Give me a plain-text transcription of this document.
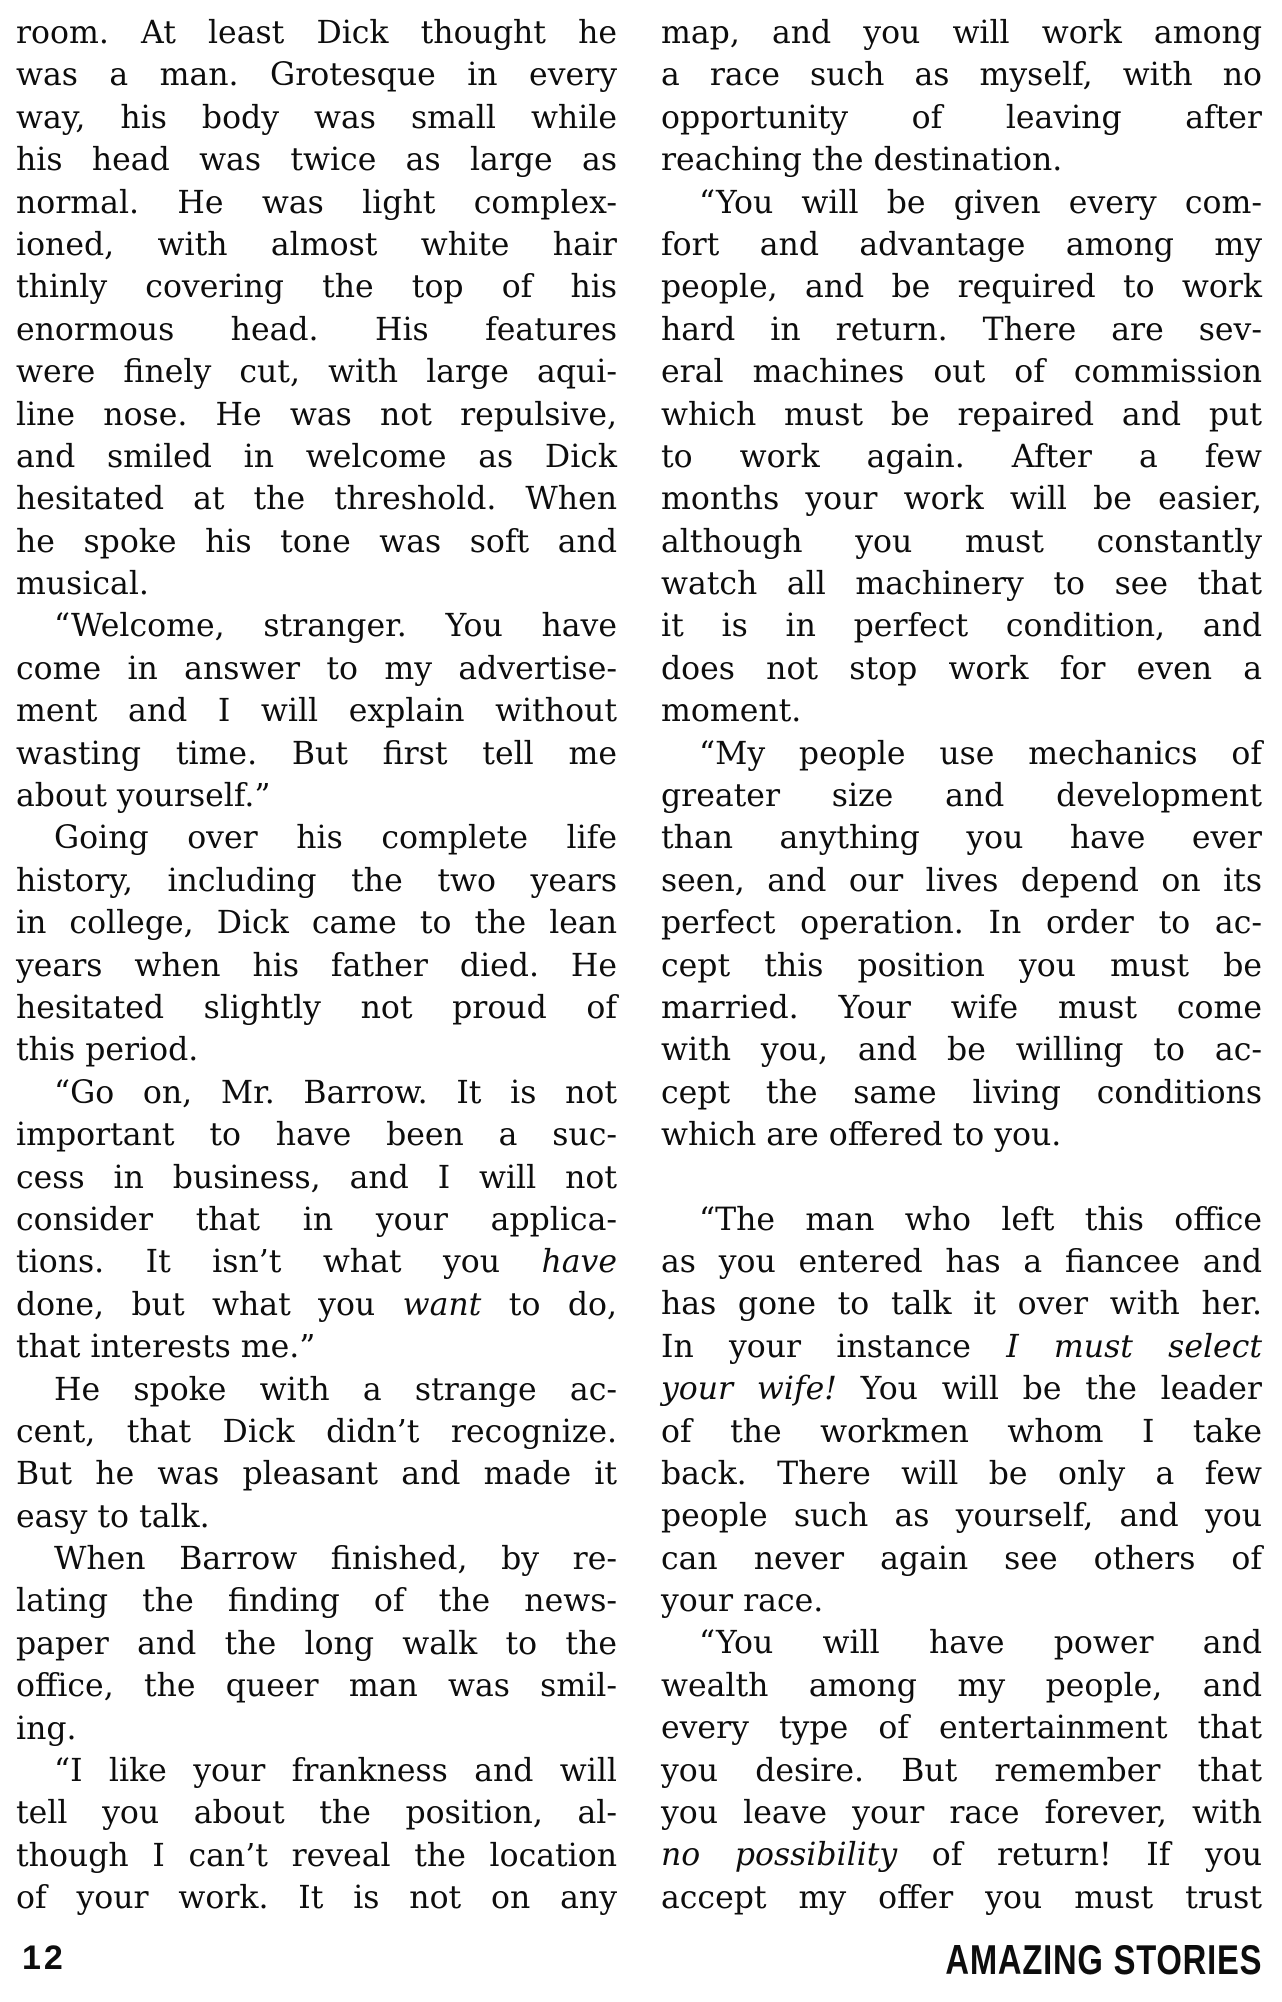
room. At least Dick thought he
was a man. Grotesque in every
way, his body was small while
his head was twice as large as
normal. He was light complex-
ioned, with almost white hair
thinly covering the top of his
enormous head. His features
were finely cut, with large aqui-
line nose. He was not repulsive,
and smiled in welcome as Dick
hesitated at the threshold. When
he spoke his tone was soft and
musical.
“Welcome, stranger. You have
come in answer to my advertise-
ment and I will explain without
wasting time. But first tell me
about yourself.”
Going over his complete life
history, including the two years
in college, Dick came to the lean
years when his father died. He
hesitated slightly not proud of
this period.
“Go on, Mr. Barrow. It is not
important to have been a suc-
cess in business, and I will not
consider that in your applica-
tions. It isn’t what you have
done, but what you want to do,
that interests me.”
He spoke with a strange ac-
cent, that Dick didn’t recognize.
But he was pleasant and made it
easy to talk.
When Barrow finished, by re-
lating the finding of the news-
paper and the long walk to the
office, the queer man was smil-
ing.
“I like your frankness and will
tell you about the position, al-
though I can’t reveal the location
of your work. It is not on any
map, and you will work among
a race such as myself, with no
opportunity of leaving after
reaching the destination.
“You will be given every com-
fort and advantage among my
people, and be required to work
hard in return. There are sev-
eral machines out of commission
which must be repaired and put
to work again. After a few
months your work will be easier,
although you must constantly
watch all machinery to see that
it is in perfect condition, and
does not stop work for even a
moment.
“My people use mechanics of
greater size and development
than anything you have ever
seen, and our lives depend on its
perfect operation. In order to ac-
cept this position you must be
married. Your wife must come
with you, and be willing to ac-
cept the same living conditions
which are offered to you.
“The man who left this office
as you entered has a fiancee and
has gone to talk it over with her.
In your instance I must select
your wife! You will be the leader
of the workmen whom I take
back. There will be only a few
people such as yourself, and you
can never again see others of
your race.
“You will have power and
wealth among my people, and
every type of entertainment that
you desire. But remember that
you leave your race forever, with
no possibility of return! If you
accept my offer you must trust
12	AMAZING STORIES
